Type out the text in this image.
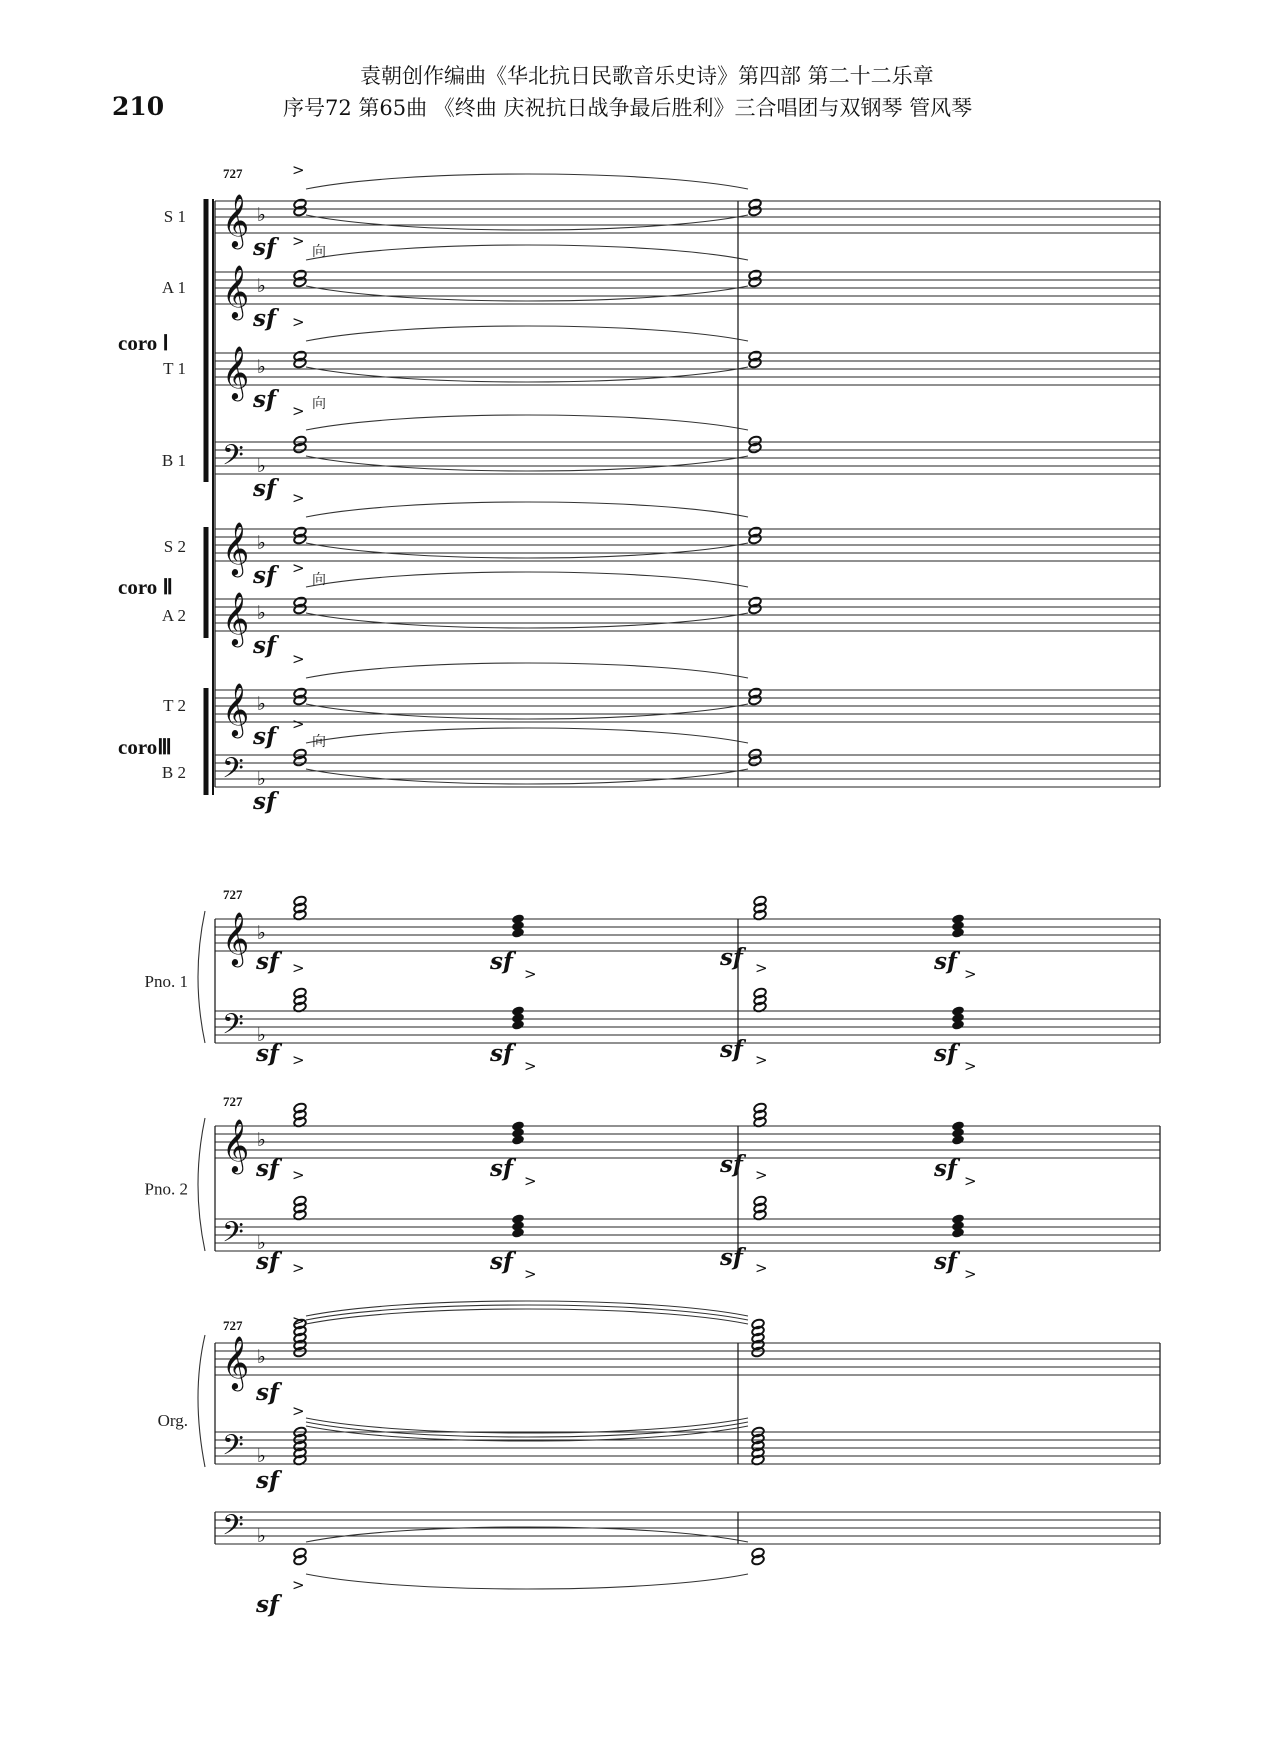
210
袁朝创作编曲《华北抗日民歌音乐史诗》第四部 第二十二乐章
序号72 第65曲 《终曲 庆祝抗日战争最后胜利》三合唱团与双钢琴 管风琴
727
𝄞 ♭
S 1
>
sf
𝄞 ♭
A 1
>
sf
𝄞 ♭
T 1
>
sf
𝄢 ♭
B 1
>
sf
𝄞 ♭
S 2
>
sf
𝄞 ♭
A 2
>
sf
𝄞 ♭
T 2
>
sf
𝄢 ♭
B 2
>
sf
向
向
向
向
coro Ⅰ
coro Ⅱ
coroⅢ
𝄞 ♭
𝄢 ♭
727
Pno. 1
sf	sf	sf	sf
>	>	>	>
sf	sf	sf	sf
>	>	>	>
𝄞 ♭
𝄢 ♭
727
Pno. 2
sf	sf	sf	sf
>	>	>	>
sf	sf	sf	sf
>	>	>	>
𝄞 ♭
𝄢 ♭
𝄢 ♭
727
Org.
>
>
>
sf
sf
sf
